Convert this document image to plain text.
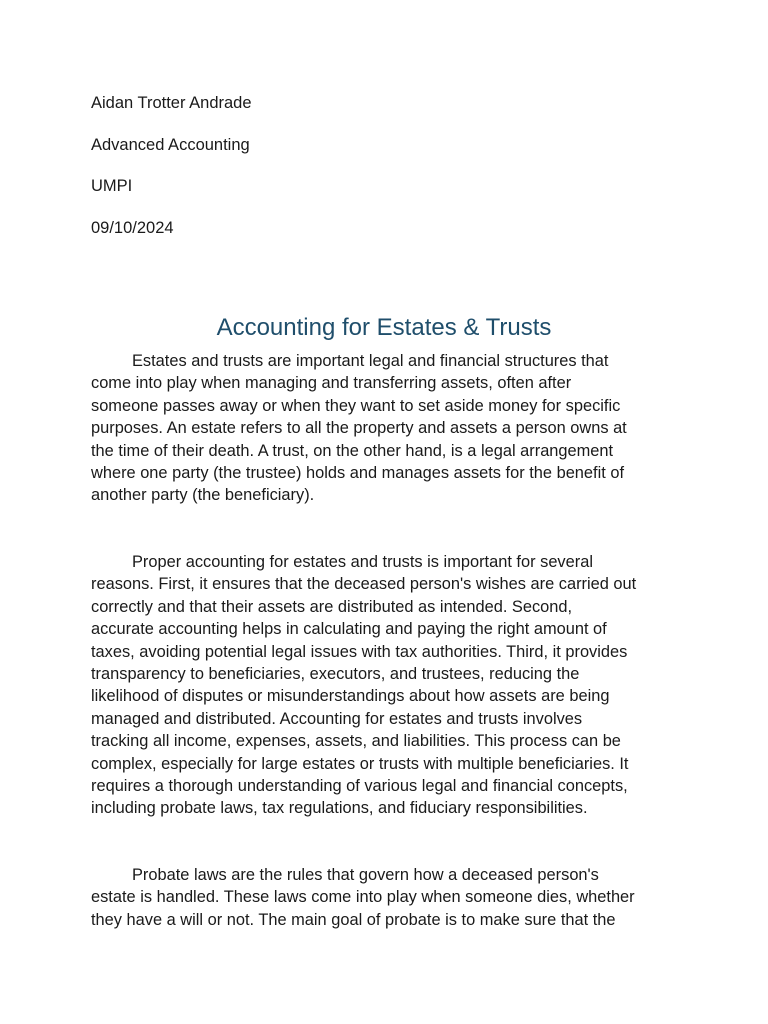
Aidan Trotter Andrade
Advanced Accounting
UMPI
09/10/2024
Accounting for Estates & Trusts
   Estates and trusts are important legal and financial structures that
come into play when managing and transferring assets, often after
someone passes away or when they want to set aside money for specific
purposes. An estate refers to all the property and assets a person owns at
the time of their death. A trust, on the other hand, is a legal arrangement
where one party (the trustee) holds and manages assets for the benefit of
another party (the beneficiary).
   Proper accounting for estates and trusts is important for several
reasons. First, it ensures that the deceased person's wishes are carried out
correctly and that their assets are distributed as intended. Second,
accurate accounting helps in calculating and paying the right amount of
taxes, avoiding potential legal issues with tax authorities. Third, it provides
transparency to beneficiaries, executors, and trustees, reducing the
likelihood of disputes or misunderstandings about how assets are being
managed and distributed. Accounting for estates and trusts involves
tracking all income, expenses, assets, and liabilities. This process can be
complex, especially for large estates or trusts with multiple beneficiaries. It
requires a thorough understanding of various legal and financial concepts,
including probate laws, tax regulations, and fiduciary responsibilities.
   Probate laws are the rules that govern how a deceased person's
estate is handled. These laws come into play when someone dies, whether
they have a will or not. The main goal of probate is to make sure that the
